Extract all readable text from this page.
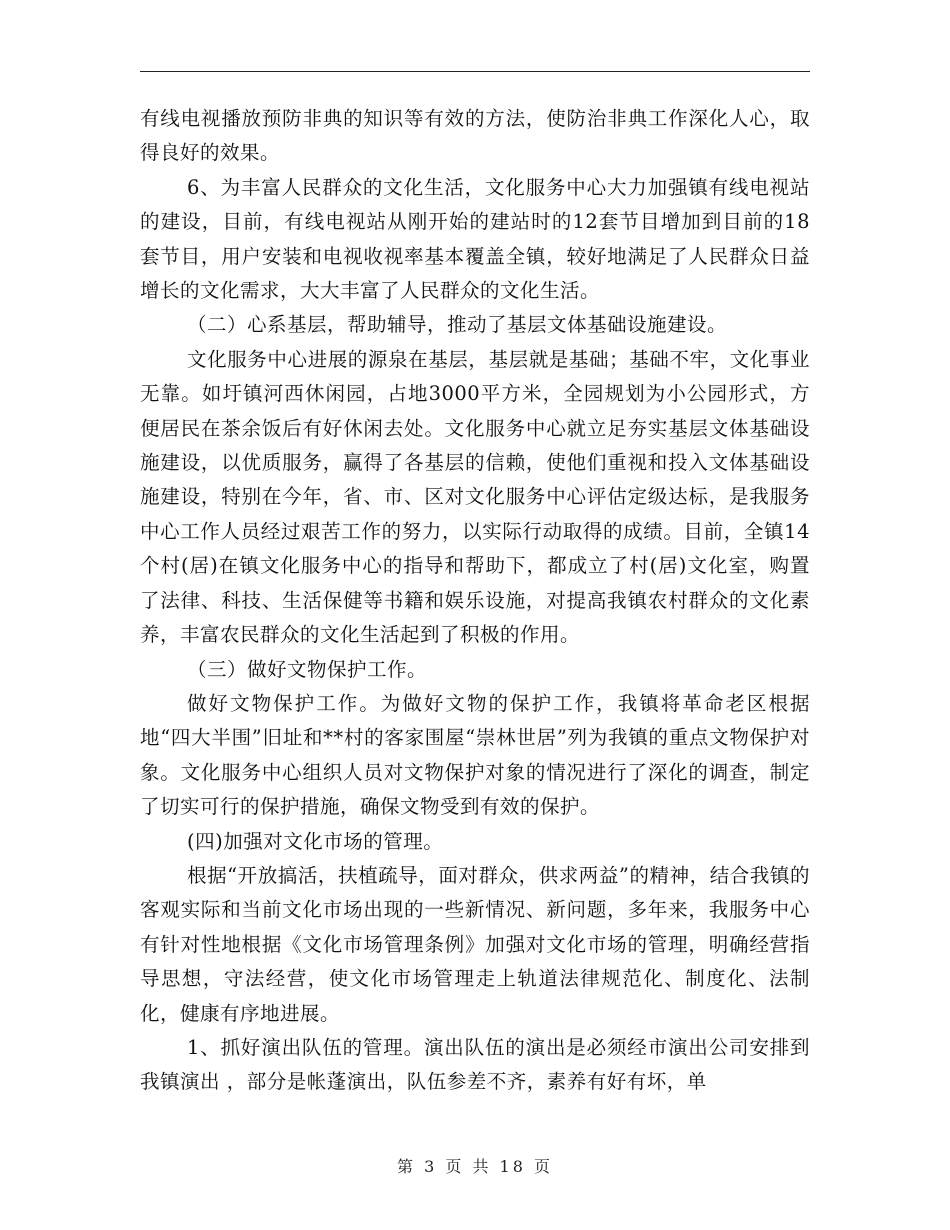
有线电视播放预防非典的知识等有效的方法，使防治非典工作深化人心，取得良好的效果。

6、为丰富人民群众的文化生活，文化服务中心大力加强镇有线电视站的建设，目前，有线电视站从刚开始的建站时的12套节目增加到目前的18套节目，用户安装和电视收视率基本覆盖全镇，较好地满足了人民群众日益增长的文化需求，大大丰富了人民群众的文化生活。

（二）心系基层，帮助辅导，推动了基层文体基础设施建设。

文化服务中心进展的源泉在基层，基层就是基础；基础不牢，文化事业无靠。如圩镇河西休闲园，占地3000平方米，全园规划为小公园形式，方便居民在茶余饭后有好休闲去处。文化服务中心就立足夯实基层文体基础设施建设，以优质服务，赢得了各基层的信赖，使他们重视和投入文体基础设施建设，特别在今年，省、市、区对文化服务中心评估定级达标，是我服务中心工作人员经过艰苦工作的努力，以实际行动取得的成绩。目前，全镇14个村(居)在镇文化服务中心的指导和帮助下，都成立了村(居)文化室，购置了法律、科技、生活保健等书籍和娱乐设施，对提高我镇农村群众的文化素养，丰富农民群众的文化生活起到了积极的作用。

（三）做好文物保护工作。

做好文物保护工作。为做好文物的保护工作，我镇将革命老区根据地“四大半围”旧址和**村的客家围屋“崇林世居”列为我镇的重点文物保护对象。文化服务中心组织人员对文物保护对象的情况进行了深化的调查，制定了切实可行的保护措施，确保文物受到有效的保护。

(四)加强对文化市场的管理。

根据“开放搞活，扶植疏导，面对群众，供求两益”的精神，结合我镇的客观实际和当前文化市场出现的一些新情况、新问题，多年来，我服务中心有针对性地根据《文化市场管理条例》加强对文化市场的管理，明确经营指导思想，守法经营，使文化市场管理走上轨道法律规范化、制度化、法制化，健康有序地进展。

1、抓好演出队伍的管理。演出队伍的演出是必须经市演出公司安排到我镇演出 ，部分是帐蓬演出，队伍参差不齐，素养有好有坏，单

第 3 页 共 18 页
